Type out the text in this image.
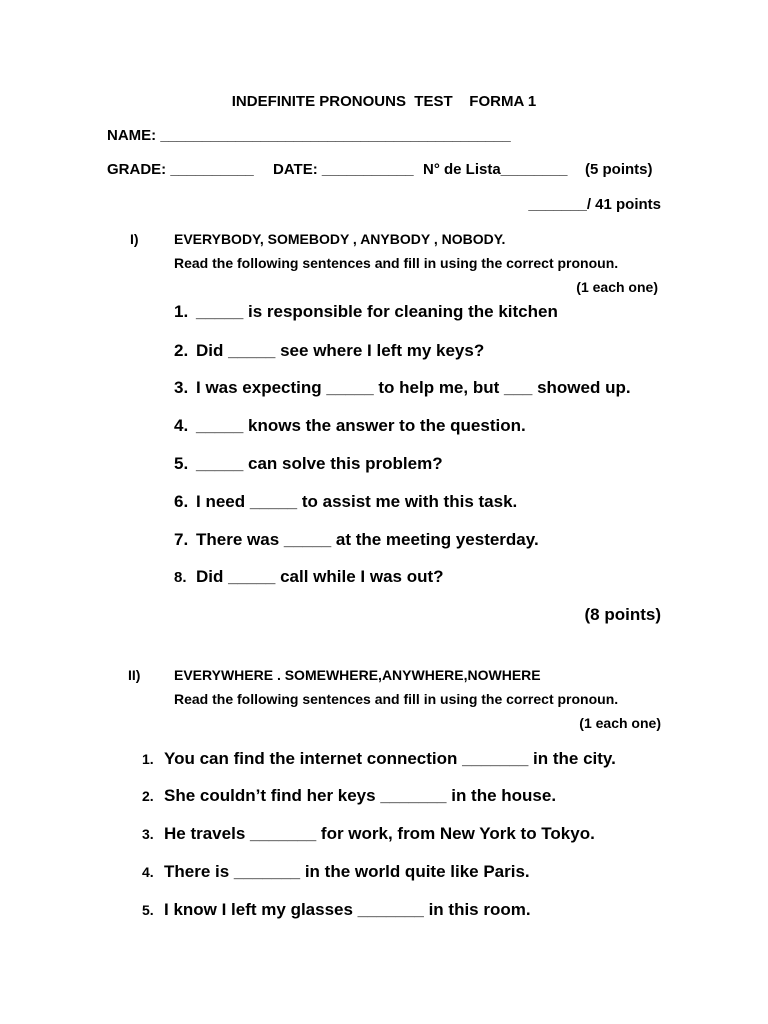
INDEFINITE PRONOUNS  TEST    FORMA 1
NAME: __________________________________________
GRADE: __________ DATE: ___________ N° de Lista________ (5 points)
_______/ 41 points
I)	EVERYBODY, SOMEBODY , ANYBODY , NOBODY.
Read the following sentences and fill in using the correct pronoun.
(1 each one)
1. _____ is responsible for cleaning the kitchen
2. Did _____ see where I left my keys?
3. I was expecting _____ to help me, but ___ showed up.
4. _____ knows the answer to the question.
5. _____ can solve this problem?
6. I need _____ to assist me with this task.
7. There was _____ at the meeting yesterday.
8. Did _____ call while I was out?
(8 points)
II) EVERYWHERE . SOMEWHERE,ANYWHERE,NOWHERE
Read the following sentences and fill in using the correct pronoun.
(1 each one)
1. You can find the internet connection _______ in the city.
2. She couldn’t find her keys _______ in the house.
3. He travels _______ for work, from New York to Tokyo.
4. There is _______ in the world quite like Paris.
5. I know I left my glasses _______ in this room.
